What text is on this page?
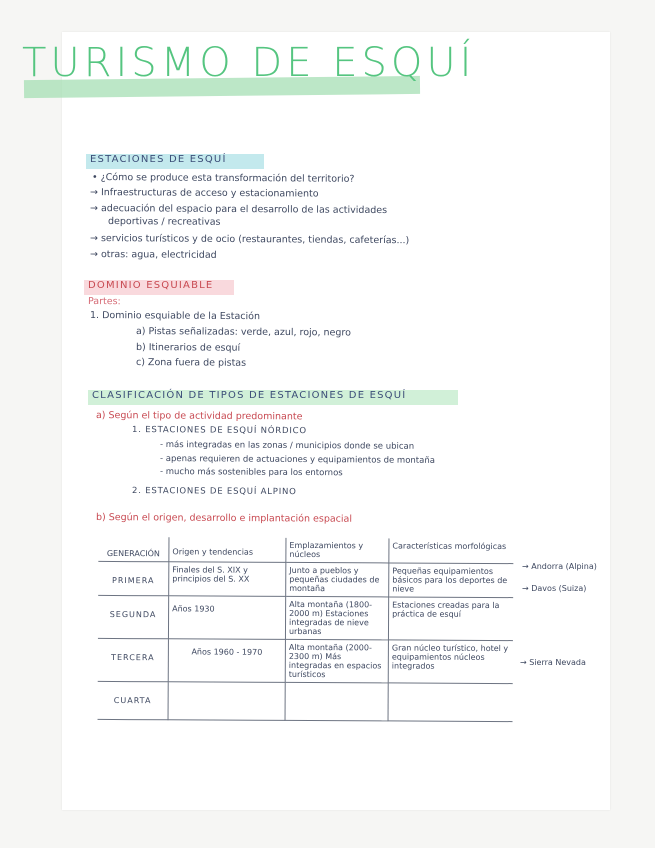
TURISMO DE ESQUÍ
ESTACIONES DE ESQUÍ
• ¿Cómo se produce esta transformación del territorio?
→ Infraestructuras de acceso y estacionamiento
→ adecuación del espacio para el desarrollo de las actividades
deportivas / recreativas
→ servicios turísticos y de ocio (restaurantes, tiendas, cafeterías...)
→ otras: agua, electricidad
DOMINIO ESQUIABLE
Partes:
1. Dominio esquiable de la Estación
a) Pistas señalizadas: verde, azul, rojo, negro
b) Itinerarios de esquí
c) Zona fuera de pistas
CLASIFICACIÓN DE TIPOS DE ESTACIONES DE ESQUÍ
a) Según el tipo de actividad predominante
1. ESTACIONES DE ESQUÍ NÓRDICO
- más integradas en las zonas / municipios donde se ubican
- apenas requieren de actuaciones y equipamientos de montaña
- mucho más sostenibles para los entornos
2. ESTACIONES DE ESQUÍ ALPINO
b) Según el origen, desarrollo e implantación espacial
GENERACIÓN	Origen y tendencias	Emplazamientos y núcleos	Características morfológicas
PRIMERA	Finales del S. XIX y principios del S. XX	Junto a pueblos y pequeñas ciudades de montaña	Pequeñas equipamientos básicos para los deportes de nieve
SEGUNDA	Años 1930	Alta montaña (1800-2000 m) Estaciones integradas de nieve urbanas	Estaciones creadas para la práctica de esquí
TERCERA	Años 1960 - 1970	Alta montaña (2000-2300 m) Más integradas en espacios turísticos	Gran núcleo turístico, hotel y equipamientos núcleos integrados
CUARTA			
→ Andorra (Alpina)
→ Davos (Suiza)
→ Sierra Nevada
